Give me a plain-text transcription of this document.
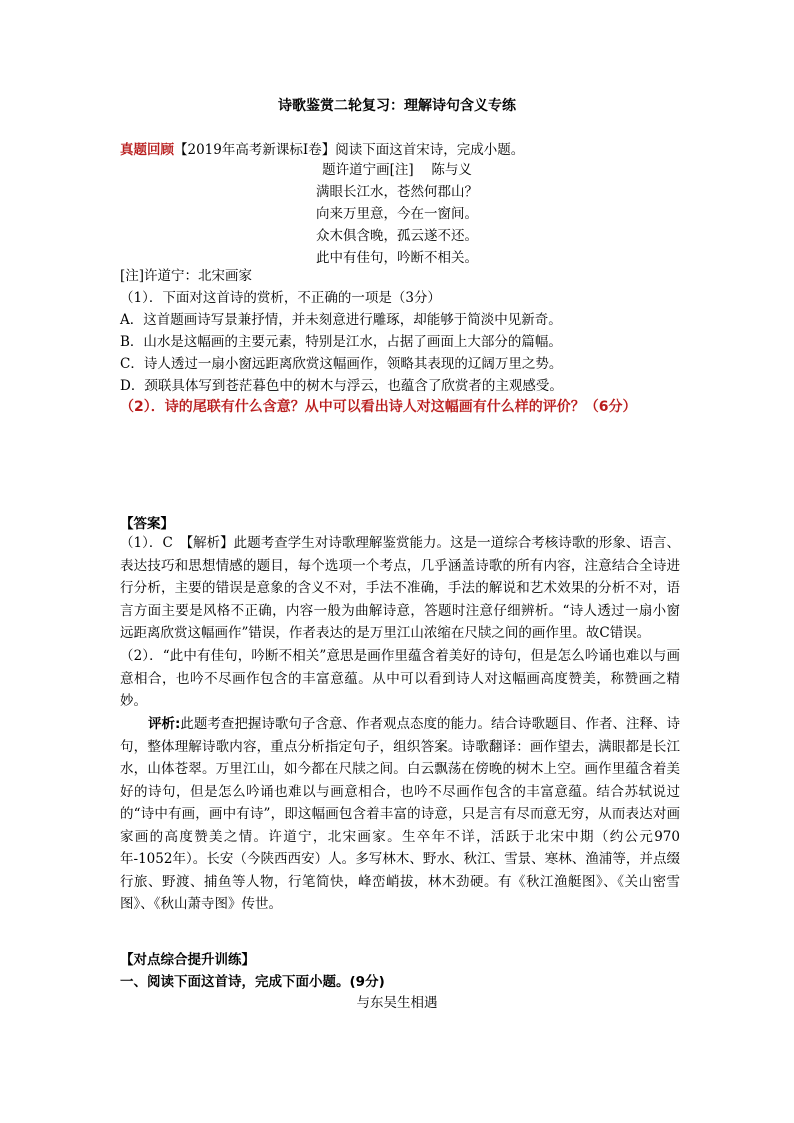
诗歌鉴赏二轮复习：理解诗句含义专练
真题回顾【2019年高考新课标Ⅰ卷】阅读下面这首宋诗，完成小题。
题许道宁画[注]　 陈与义
满眼长江水，苍然何郡山？
向来万里意，今在一窗间。
众木俱含晚，孤云遂不还。
此中有佳句，吟断不相关。
[注]许道宁：北宋画家
（1）．下面对这首诗的赏析，不正确的一项是（3分）
A．这首题画诗写景兼抒情，并未刻意进行雕琢，却能够于简淡中见新奇。
B．山水是这幅画的主要元素，特别是江水，占据了画面上大部分的篇幅。
C．诗人透过一扇小窗远距离欣赏这幅画作，领略其表现的辽阔万里之势。
D．颈联具体写到苍茫暮色中的树木与浮云，也蕴含了欣赏者的主观感受。
（2）．诗的尾联有什么含意？从中可以看出诗人对这幅画有什么样的评价？（6分）
【答案】
（1）．C　【解析】此题考查学生对诗歌理解鉴赏能力。这是一道综合考核诗歌的形象、语言、表达技巧和思想情感的题目，每个选项一个考点，几乎涵盖诗歌的所有内容，注意结合全诗进行分析，主要的错误是意象的含义不对，手法不准确，手法的解说和艺术效果的分析不对，语言方面主要是风格不正确，内容一般为曲解诗意，答题时注意仔细辨析。“诗人透过一扇小窗远距离欣赏这幅画作”错误，作者表达的是万里江山浓缩在尺牍之间的画作里。故C错误。
（2）．“此中有佳句，吟断不相关”意思是画作里蕴含着美好的诗句，但是怎么吟诵也难以与画意相合，也吟不尽画作包含的丰富意蕴。从中可以看到诗人对这幅画高度赞美，称赞画之精妙。
评析:此题考查把握诗歌句子含意、作者观点态度的能力。结合诗歌题目、作者、注释、诗句，整体理解诗歌内容，重点分析指定句子，组织答案。诗歌翻译：画作望去，满眼都是长江水，山体苍翠。万里江山，如今都在尺牍之间。白云飘荡在傍晚的树木上空。画作里蕴含着美好的诗句，但是怎么吟诵也难以与画意相合，也吟不尽画作包含的丰富意蕴。结合苏轼说过的“诗中有画，画中有诗”，即这幅画包含着丰富的诗意，只是言有尽而意无穷，从而表达对画家画的高度赞美之情。许道宁，北宋画家。生卒年不详，活跃于北宋中期（约公元970年-1052年）。长安（今陕西西安）人。多写林木、野水、秋江、雪景、寒林、渔浦等，并点缀行旅、野渡、捕鱼等人物，行笔简快，峰峦峭拔，林木劲硬。有《秋江渔艇图》、《关山密雪图》、《秋山萧寺图》传世。
【对点综合提升训练】
一、阅读下面这首诗，完成下面小题。(9分)
与东吴生相遇
